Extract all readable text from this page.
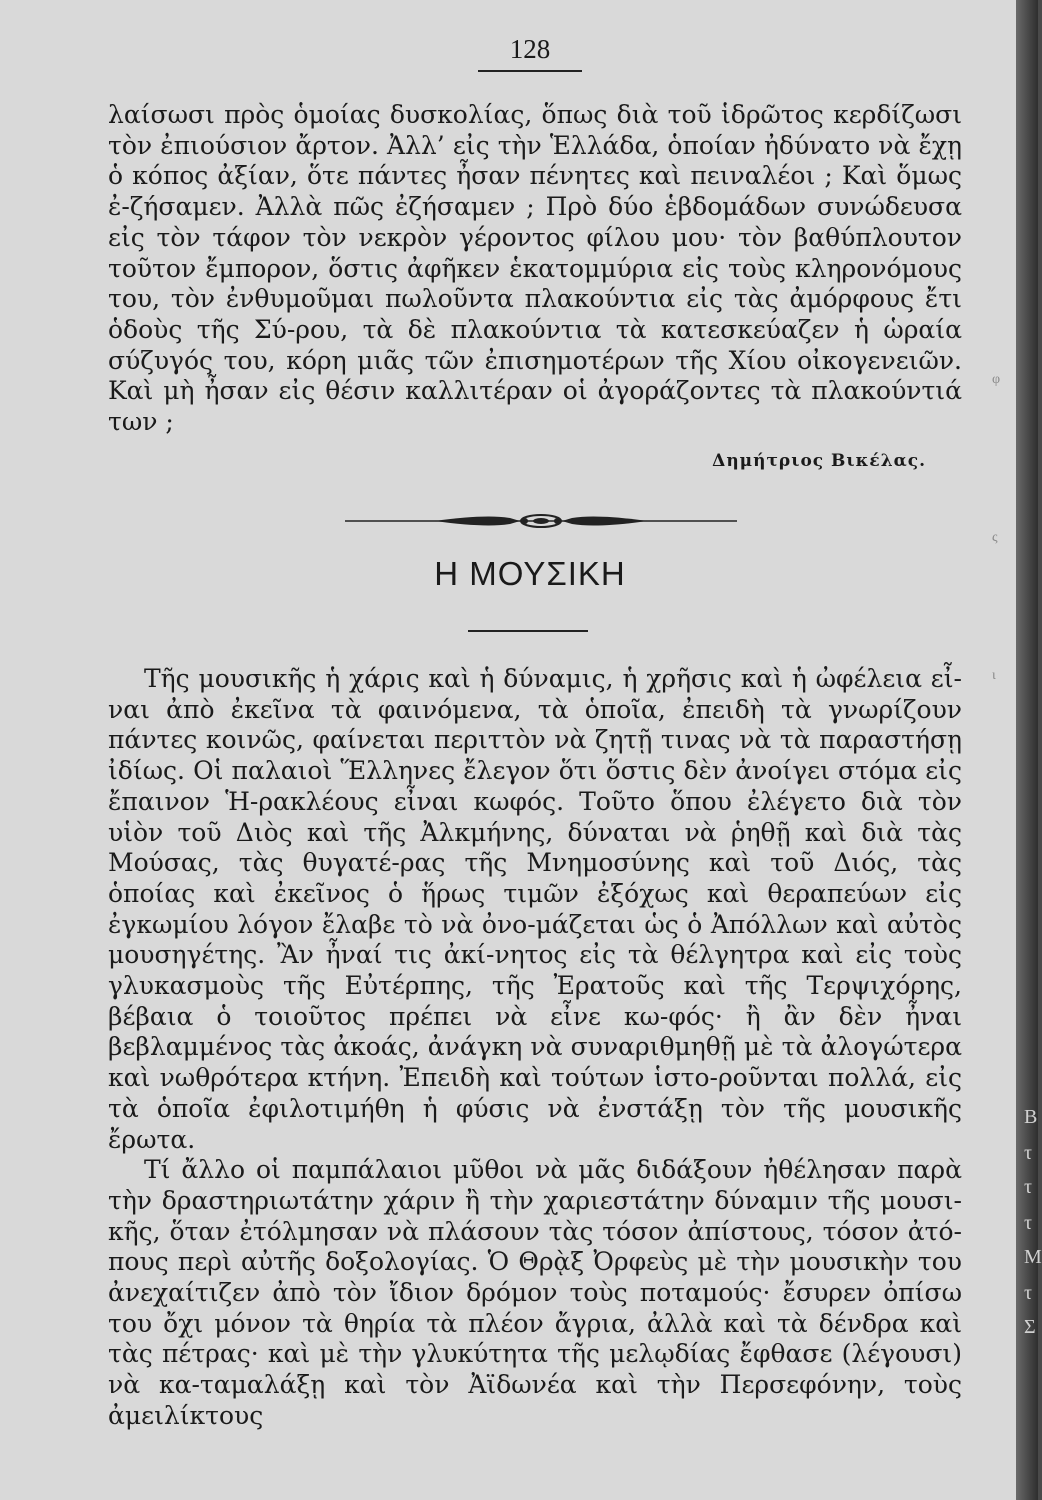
128

λαίσωσι πρὸς ὁμοίας δυσκολίας, ὅπως διὰ τοῦ ἱδρῶτος κερδίζωσι τὸν ἐπιούσιον ἄρτον. Ἀλλ’ εἰς τὴν Ἑλλάδα, ὁποίαν ἠδύνατο νὰ ἔχῃ ὁ κόπος ἀξίαν, ὅτε πάντες ἦσαν πένητες καὶ πειναλέοι ; Καὶ ὅμως ἐ-ζήσαμεν. Ἀλλὰ πῶς ἐζήσαμεν ; Πρὸ δύο ἑβδομάδων συνώδευσα εἰς τὸν τάφον τὸν νεκρὸν γέροντος φίλου μου· τὸν βαθύπλουτον τοῦτον ἔμπορον, ὅστις ἀφῆκεν ἑκατομμύρια εἰς τοὺς κληρονόμους του, τὸν ἐνθυμοῦμαι πωλοῦντα πλακούντια εἰς τὰς ἀμόρφους ἔτι ὁδοὺς τῆς Σύ-ρου, τὰ δὲ πλακούντια τὰ κατεσκεύαζεν ἡ ὡραία σύζυγός του, κόρη μιᾶς τῶν ἐπισημοτέρων τῆς Χίου οἰκογενειῶν. Καὶ μὴ ἦσαν εἰς θέσιν καλλιτέραν οἱ ἀγοράζοντες τὰ πλακούντιά των ;

Δημήτριος Βικέλας.
Η ΜΟΥΣΙΚΗ

Τῆς μουσικῆς ἡ χάρις καὶ ἡ δύναμις, ἡ χρῆσις καὶ ἡ ὠφέλεια εἶ-ναι ἀπὸ ἐκεῖνα τὰ φαινόμενα, τὰ ὁποῖα, ἐπειδὴ τὰ γνωρίζουν πάντες κοινῶς, φαίνεται περιττὸν νὰ ζητῇ τινας νὰ τὰ παραστήσῃ ἰδίως. Οἱ παλαιοὶ Ἕλληνες ἔλεγον ὅτι ὅστις δὲν ἀνοίγει στόμα εἰς ἔπαινον Ἡ-ρακλέους εἶναι κωφός. Τοῦτο ὅπου ἐλέγετο διὰ τὸν υἱὸν τοῦ Διὸς καὶ τῆς Ἀλκμήνης, δύναται νὰ ῥηθῇ καὶ διὰ τὰς Μούσας, τὰς θυγατέ-ρας τῆς Μνημοσύνης καὶ τοῦ Διός, τὰς ὁποίας καὶ ἐκεῖνος ὁ ἥρως τιμῶν ἐξόχως καὶ θεραπεύων εἰς ἐγκωμίου λόγον ἔλαβε τὸ νὰ ὀνο-μάζεται ὡς ὁ Ἀπόλλων καὶ αὐτὸς μουσηγέτης. Ἂν ἦναί τις ἀκί-νητος εἰς τὰ θέλγητρα καὶ εἰς τοὺς γλυκασμοὺς τῆς Εὐτέρπης, τῆς Ἐρατοῦς καὶ τῆς Τερψιχόρης, βέβαια ὁ τοιοῦτος πρέπει νὰ εἶνε κω-φός· ἢ ἂν δὲν ἦναι βεβλαμμένος τὰς ἀκοάς, ἀνάγκη νὰ συναριθμηθῇ μὲ τὰ ἀλογώτερα καὶ νωθρότερα κτήνη. Ἐπειδὴ καὶ τούτων ἱστο-ροῦνται πολλά, εἰς τὰ ὁποῖα ἐφιλοτιμήθη ἡ φύσις νὰ ἐνστάξῃ τὸν τῆς μουσικῆς ἔρωτα.

Τί ἄλλο οἱ παμπάλαιοι μῦθοι νὰ μᾶς διδάξουν ἠθέλησαν παρὰ τὴν δραστηριωτάτην χάριν ἢ τὴν χαριεστάτην δύναμιν τῆς μουσι-κῆς, ὅταν ἐτόλμησαν νὰ πλάσουν τὰς τόσον ἀπίστους, τόσον ἀτό-πους περὶ αὐτῆς δοξολογίας. Ὁ Θρᾲξ Ὀρφεὺς μὲ τὴν μουσικὴν του ἀνεχαίτιζεν ἀπὸ τὸν ἴδιον δρόμον τοὺς ποταμούς· ἔσυρεν ὀπίσω του ὄχι μόνον τὰ θηρία τὰ πλέον ἄγρια, ἀλλὰ καὶ τὰ δένδρα καὶ τὰς πέτρας· καὶ μὲ τὴν γλυκύτητα τῆς μελῳδίας ἔφθασε (λέγουσι) νὰ κα-ταμαλάξῃ καὶ τὸν Ἀϊδωνέα καὶ τὴν Περσεφόνην, τοὺς ἀμειλίκτους

φ
ς
ι
Β
τ
τ
τ
Μ
τ
Σ
